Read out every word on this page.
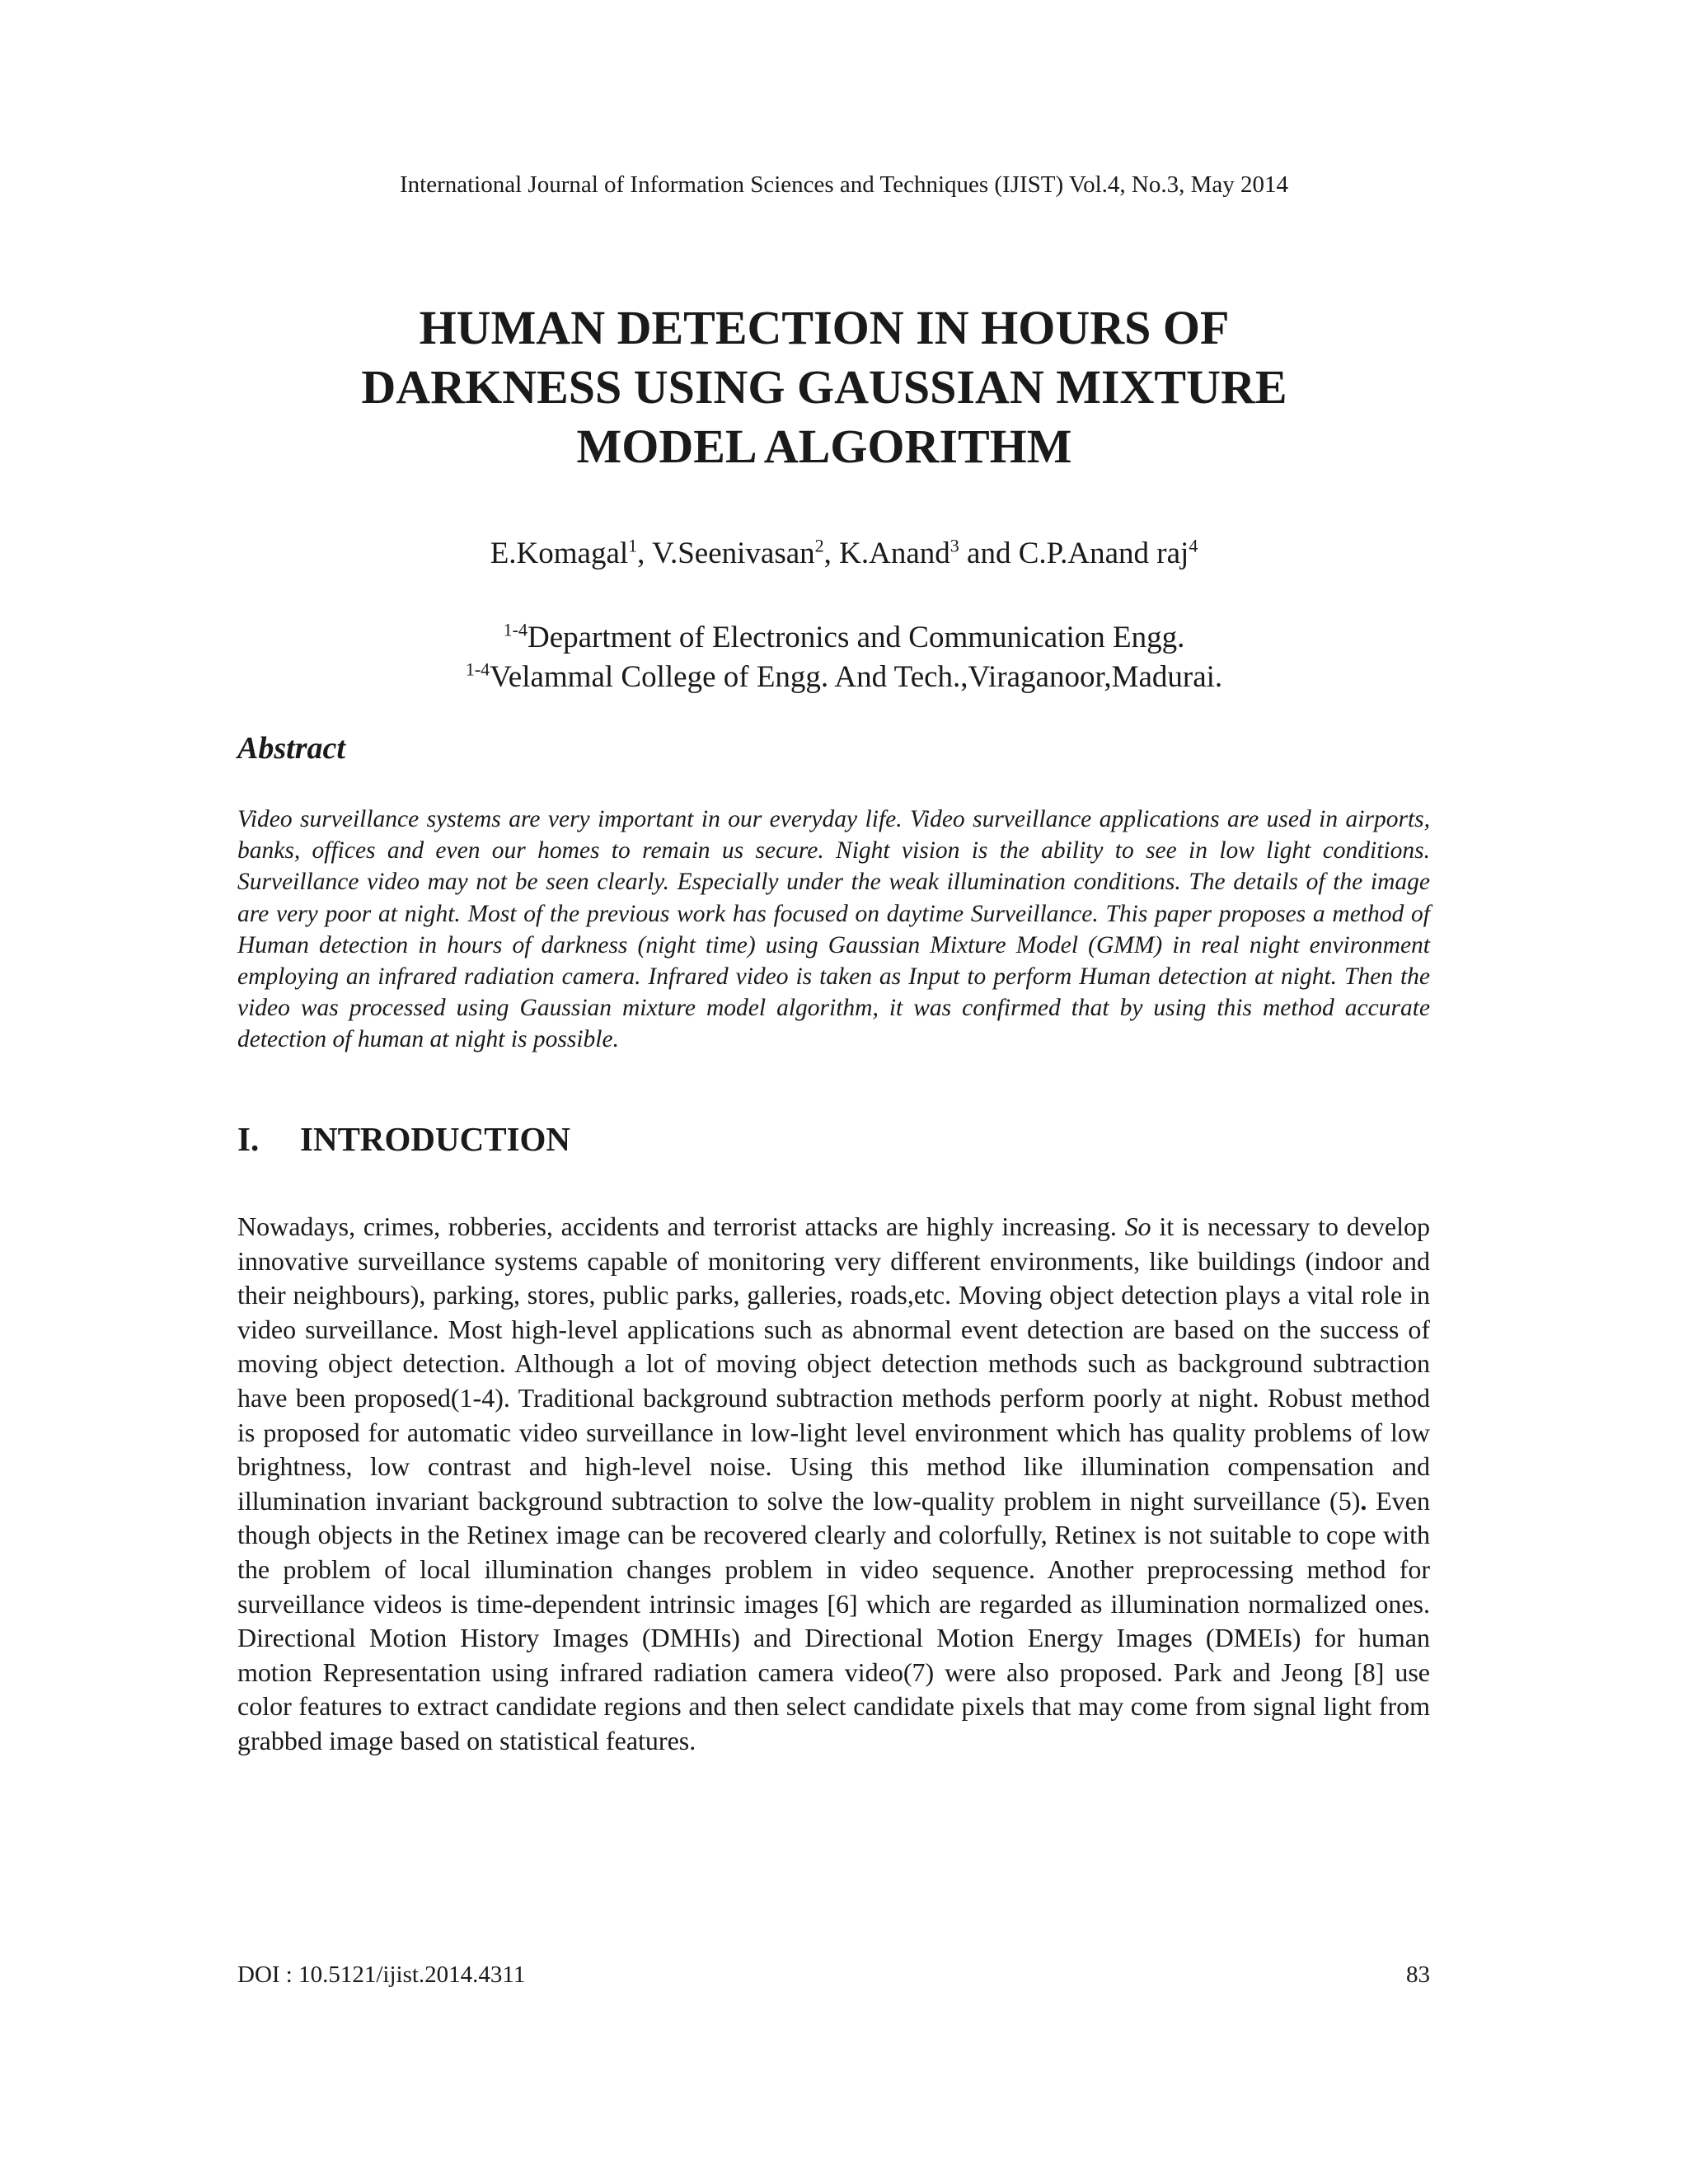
International Journal of Information Sciences and Techniques (IJIST) Vol.4, No.3, May 2014
HUMAN DETECTION IN HOURS OF
DARKNESS USING GAUSSIAN MIXTURE
MODEL ALGORITHM
E.Komagal$^1$, V.Seenivasan$^2$, K.Anand$^3$ and C.P.Anand raj$^4$
$^{1-4}$Department of Electronics and Communication Engg.
$^{1-4}$Velammal College of Engg. And Tech.,Viraganoor,Madurai.
Abstract

Video surveillance systems are very important in our everyday life. Video surveillance applications are used in airports, banks, offices and even our homes to remain us secure. Night vision is the ability to see in low light conditions. Surveillance video may not be seen clearly. Especially under the weak illumination conditions. The details of the image are very poor at night. Most of the previous work has focused on daytime Surveillance. This paper proposes a method of Human detection in hours of darkness (night time) using Gaussian Mixture Model (GMM) in real night environment employing an infrared radiation camera. Infrared video is taken as Input to perform Human detection at night. Then the video was processed using Gaussian mixture model algorithm, it was confirmed that by using this method accurate detection of human at night is possible.

I. INTRODUCTION

Nowadays, crimes, robberies, accidents and terrorist attacks are highly increasing. So it is necessary to develop innovative surveillance systems capable of monitoring very different environments, like buildings (indoor and their neighbours), parking, stores, public parks, galleries, roads,etc. Moving object detection plays a vital role in video surveillance. Most high-level applications such as abnormal event detection are based on the success of moving object detection. Although a lot of moving object detection methods such as background subtraction have been proposed(1-4). Traditional background subtraction methods perform poorly at night. Robust method is proposed for automatic video surveillance in low-light level environment which has quality problems of low brightness, low contrast and high-level noise. Using this method like illumination compensation and illumination invariant background subtraction to solve the low-quality problem in night surveillance (5). Even though objects in the Retinex image can be recovered clearly and colorfully, Retinex is not suitable to cope with the problem of local illumination changes problem in video sequence. Another preprocessing method for surveillance videos is time-dependent intrinsic images [6] which are regarded as illumination normalized ones. Directional Motion History Images (DMHIs) and Directional Motion Energy Images (DMEIs) for human motion Representation using infrared radiation camera video(7) were also proposed. Park and Jeong [8] use color features to extract candidate regions and then select candidate pixels that may come from signal light from grabbed image based on statistical features.

DOI : 10.5121/ijist.2014.4311	83
